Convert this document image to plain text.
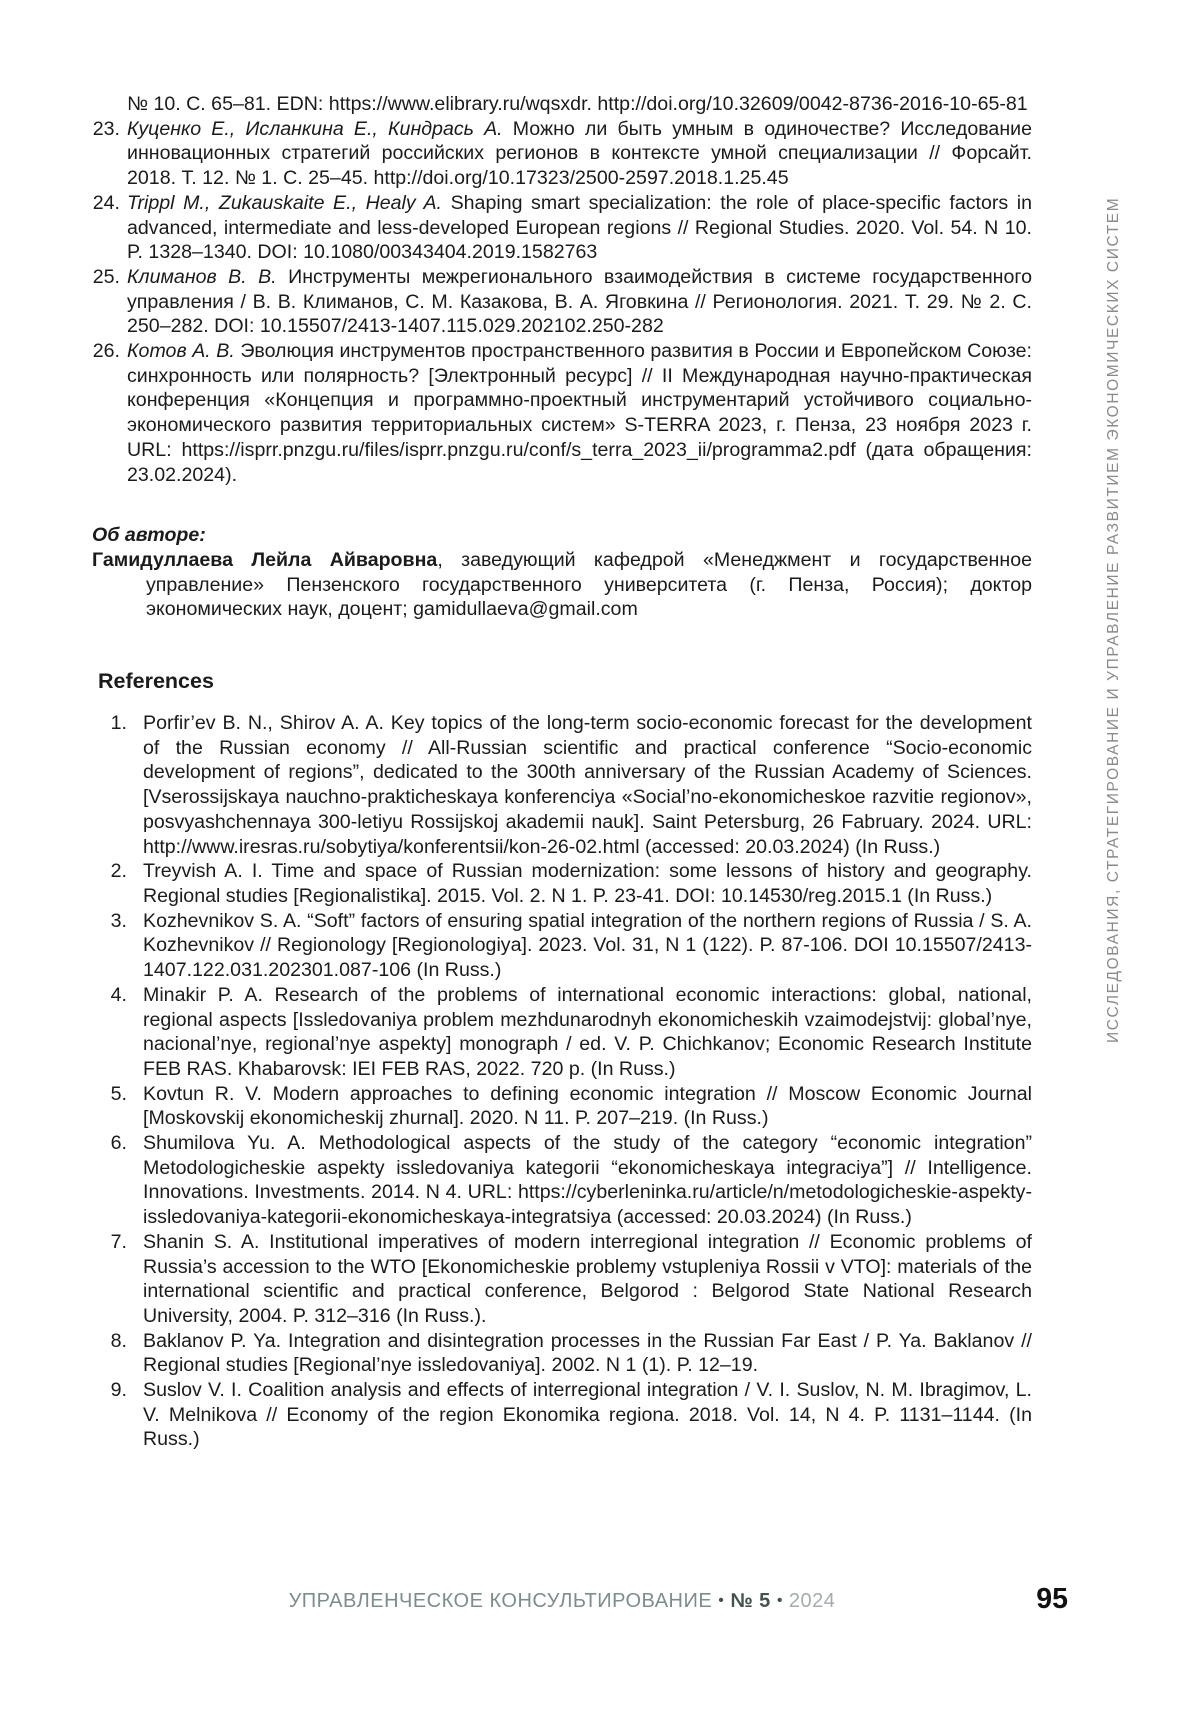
№ 10. С. 65–81. EDN: https://www.elibrary.ru/wqsxdr. http://doi.org/10.32609/0042-8736-2016-10-65-81

23. Куценко Е., Исланкина Е., Киндрась А. Можно ли быть умным в одиночестве? Исследование инновационных стратегий российских регионов в контексте умной специализации // Форсайт. 2018. Т. 12. № 1. С. 25–45. http://doi.org/10.17323/2500-2597.2018.1.25.45
24. Trippl M., Zukauskaite E., Healy A. Shaping smart specialization: the role of place-specific factors in advanced, intermediate and less-developed European regions // Regional Studies. 2020. Vol. 54. N 10. P. 1328–1340. DOI: 10.1080/00343404.2019.1582763
25. Климанов В. В. Инструменты межрегионального взаимодействия в системе государственного управления / В. В. Климанов, С. М. Казакова, В. А. Яговкина // Регионология. 2021. Т. 29. № 2. С. 250–282. DOI: 10.15507/2413-1407.115.029.202102.250-282
26. Котов А. В. Эволюция инструментов пространственного развития в России и Европейском Союзе: синхронность или полярность? [Электронный ресурс] // II Международная научно-практическая конференция «Концепция и программно-проектный инструментарий устойчивого социально-экономического развития территориальных систем» S-TERRA 2023, г. Пенза, 23 ноября 2023 г. URL: https://isprr.pnzgu.ru/files/isprr.pnzgu.ru/conf/s_terra_2023_ii/programma2.pdf (дата обращения: 23.02.2024).

Об авторе:

Гамидуллаева Лейла Айваровна, заведующий кафедрой «Менеджмент и государственное управление» Пензенского государственного университета (г. Пенза, Россия); доктор экономических наук, доцент; gamidullaeva@gmail.com

References
1. Porfir’ev B. N., Shirov A. A. Key topics of the long-term socio-economic forecast for the development of the Russian economy // All-Russian scientific and practical conference “Socio-economic development of regions”, dedicated to the 300th anniversary of the Russian Academy of Sciences. [Vserossijskaya nauchno-prakticheskaya konferenciya «Social’no-ekonomicheskoe razvitie regionov», posvyashchennaya 300-letiyu Rossijskoj akademii nauk]. Saint Petersburg, 26 Fabruary. 2024. URL: http://www.iresras.ru/sobytiya/konferentsii/kon-26-02.html (accessed: 20.03.2024) (In Russ.)
2. Treyvish A. I. Time and space of Russian modernization: some lessons of history and geography. Regional studies [Regionalistika]. 2015. Vol. 2. N 1. P. 23-41. DOI: 10.14530/reg.2015.1 (In Russ.)
3. Kozhevnikov S. A. “Soft” factors of ensuring spatial integration of the northern regions of Russia / S. A. Kozhevnikov // Regionology [Regionologiya]. 2023. Vol. 31, N 1 (122). P. 87-106. DOI 10.15507/2413-1407.122.031.202301.087-106 (In Russ.)
4. Minakir P. A. Research of the problems of international economic interactions: global, national, regional aspects [Issledovaniya problem mezhdunarodnyh ekonomicheskih vzaimodejstvij: global’nye, nacional’nye, regional’nye aspekty] monograph / ed. V. P. Chichkanov; Economic Research Institute FEB RAS. Khabarovsk: IEI FEB RAS, 2022. 720 p. (In Russ.)
5. Kovtun R. V. Modern approaches to defining economic integration // Moscow Economic Journal [Moskovskij ekonomicheskij zhurnal]. 2020. N 11. P. 207–219. (In Russ.)
6. Shumilova Yu. A. Methodological aspects of the study of the category “economic integration” Metodologicheskie aspekty issledovaniya kategorii “ekonomicheskaya integraciya”] // Intelligence. Innovations. Investments. 2014. N 4. URL: https://cyberleninka.ru/article/n/metodologicheskie-aspekty-issledovaniya-kategorii-ekonomicheskaya-integratsiya (accessed: 20.03.2024) (In Russ.)
7. Shanin S. A. Institutional imperatives of modern interregional integration // Economic problems of Russia’s accession to the WTO [Ekonomicheskie problemy vstupleniya Rossii v VTO]: materials of the international scientific and practical conference, Belgorod : Belgorod State National Research University, 2004. P. 312–316 (In Russ.).
8. Baklanov P. Ya. Integration and disintegration processes in the Russian Far East / P. Ya. Baklanov // Regional studies [Regional’nye issledovaniya]. 2002. N 1 (1). P. 12–19.
9. Suslov V. I. Coalition analysis and effects of interregional integration / V. I. Suslov, N. M. Ibragimov, L. V. Melnikova // Economy of the region Ekonomika regiona. 2018. Vol. 14, N 4. P. 1131–1144. (In Russ.)
ИССЛЕДОВАНИЯ, СТРАТЕГИРОВАНИЕ И УПРАВЛЕНИЕ РАЗВИТИЕМ ЭКОНОМИЧЕСКИХ СИСТЕМ
УПРАВЛЕНЧЕСКОЕ КОНСУЛЬТИРОВАНИЕ • № 5 • 2024	95
